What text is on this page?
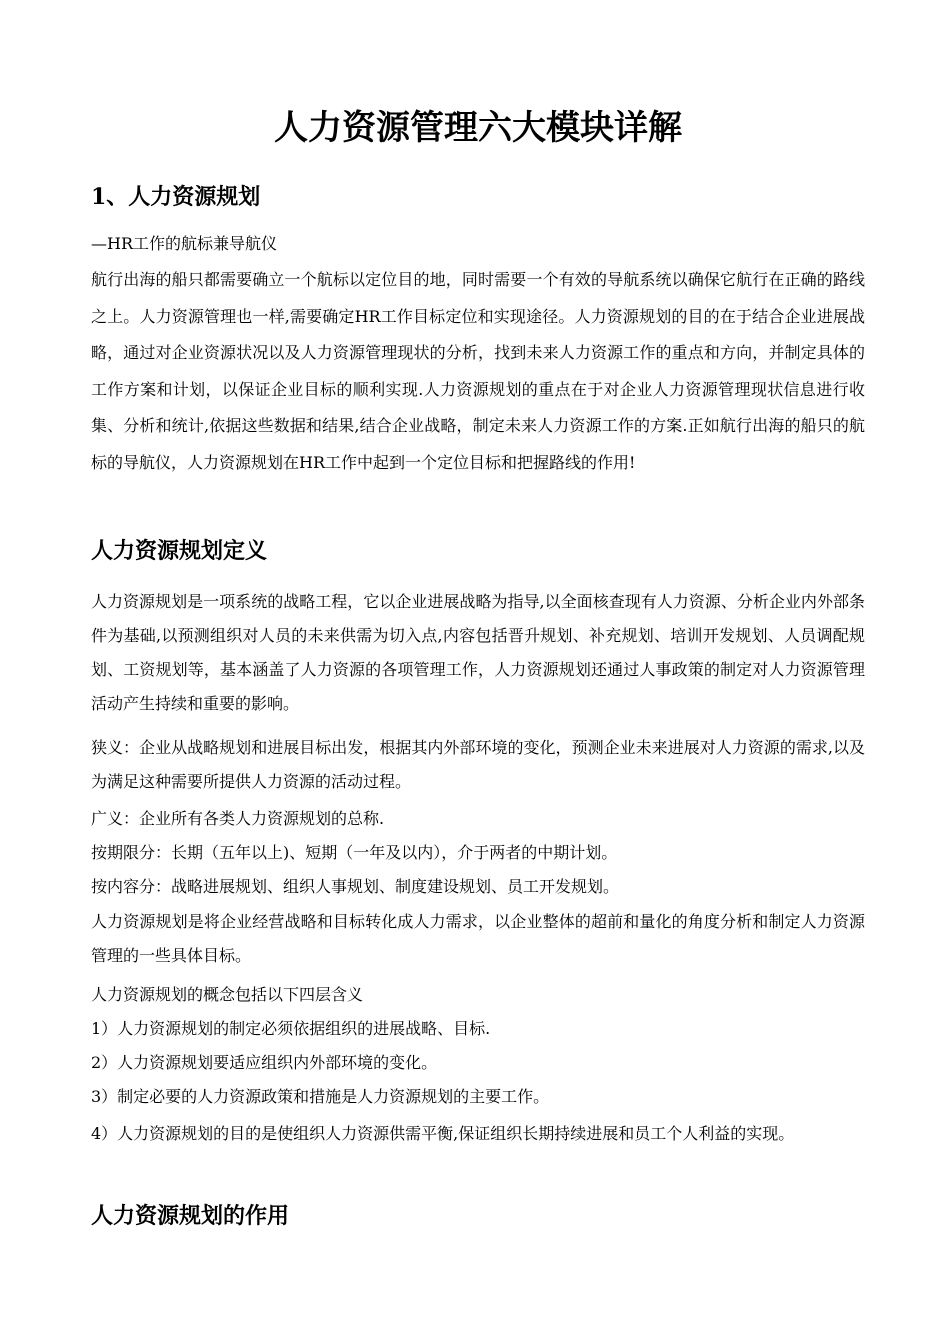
人力资源管理六大模块详解
1、人力资源规划

—HR工作的航标兼导航仪

航行出海的船只都需要确立一个航标以定位目的地，同时需要一个有效的导航系统以确保它航行在正确的路线之上。人力资源管理也一样,需要确定HR工作目标定位和实现途径。人力资源规划的目的在于结合企业进展战略，通过对企业资源状况以及人力资源管理现状的分析，找到未来人力资源工作的重点和方向，并制定具体的工作方案和计划，以保证企业目标的顺利实现.人力资源规划的重点在于对企业人力资源管理现状信息进行收集、分析和统计,依据这些数据和结果,结合企业战略，制定未来人力资源工作的方案.正如航行出海的船只的航标的导航仪，人力资源规划在HR工作中起到一个定位目标和把握路线的作用!

人力资源规划定义

人力资源规划是一项系统的战略工程，它以企业进展战略为指导,以全面核查现有人力资源、分析企业内外部条件为基础,以预测组织对人员的未来供需为切入点,内容包括晋升规划、补充规划、培训开发规划、人员调配规划、工资规划等，基本涵盖了人力资源的各项管理工作，人力资源规划还通过人事政策的制定对人力资源管理活动产生持续和重要的影响。

狭义：企业从战略规划和进展目标出发，根据其内外部环境的变化，预测企业未来进展对人力资源的需求,以及为满足这种需要所提供人力资源的活动过程。

广义：企业所有各类人力资源规划的总称.

按期限分：长期（五年以上)、短期（一年及以内），介于两者的中期计划。

按内容分：战略进展规划、组织人事规划、制度建设规划、员工开发规划。

人力资源规划是将企业经营战略和目标转化成人力需求，以企业整体的超前和量化的角度分析和制定人力资源管理的一些具体目标。

人力资源规划的概念包括以下四层含义

1）人力资源规划的制定必须依据组织的进展战略、目标.

2）人力资源规划要适应组织内外部环境的变化。

3）制定必要的人力资源政策和措施是人力资源规划的主要工作。

4）人力资源规划的目的是使组织人力资源供需平衡,保证组织长期持续进展和员工个人利益的实现。

人力资源规划的作用
